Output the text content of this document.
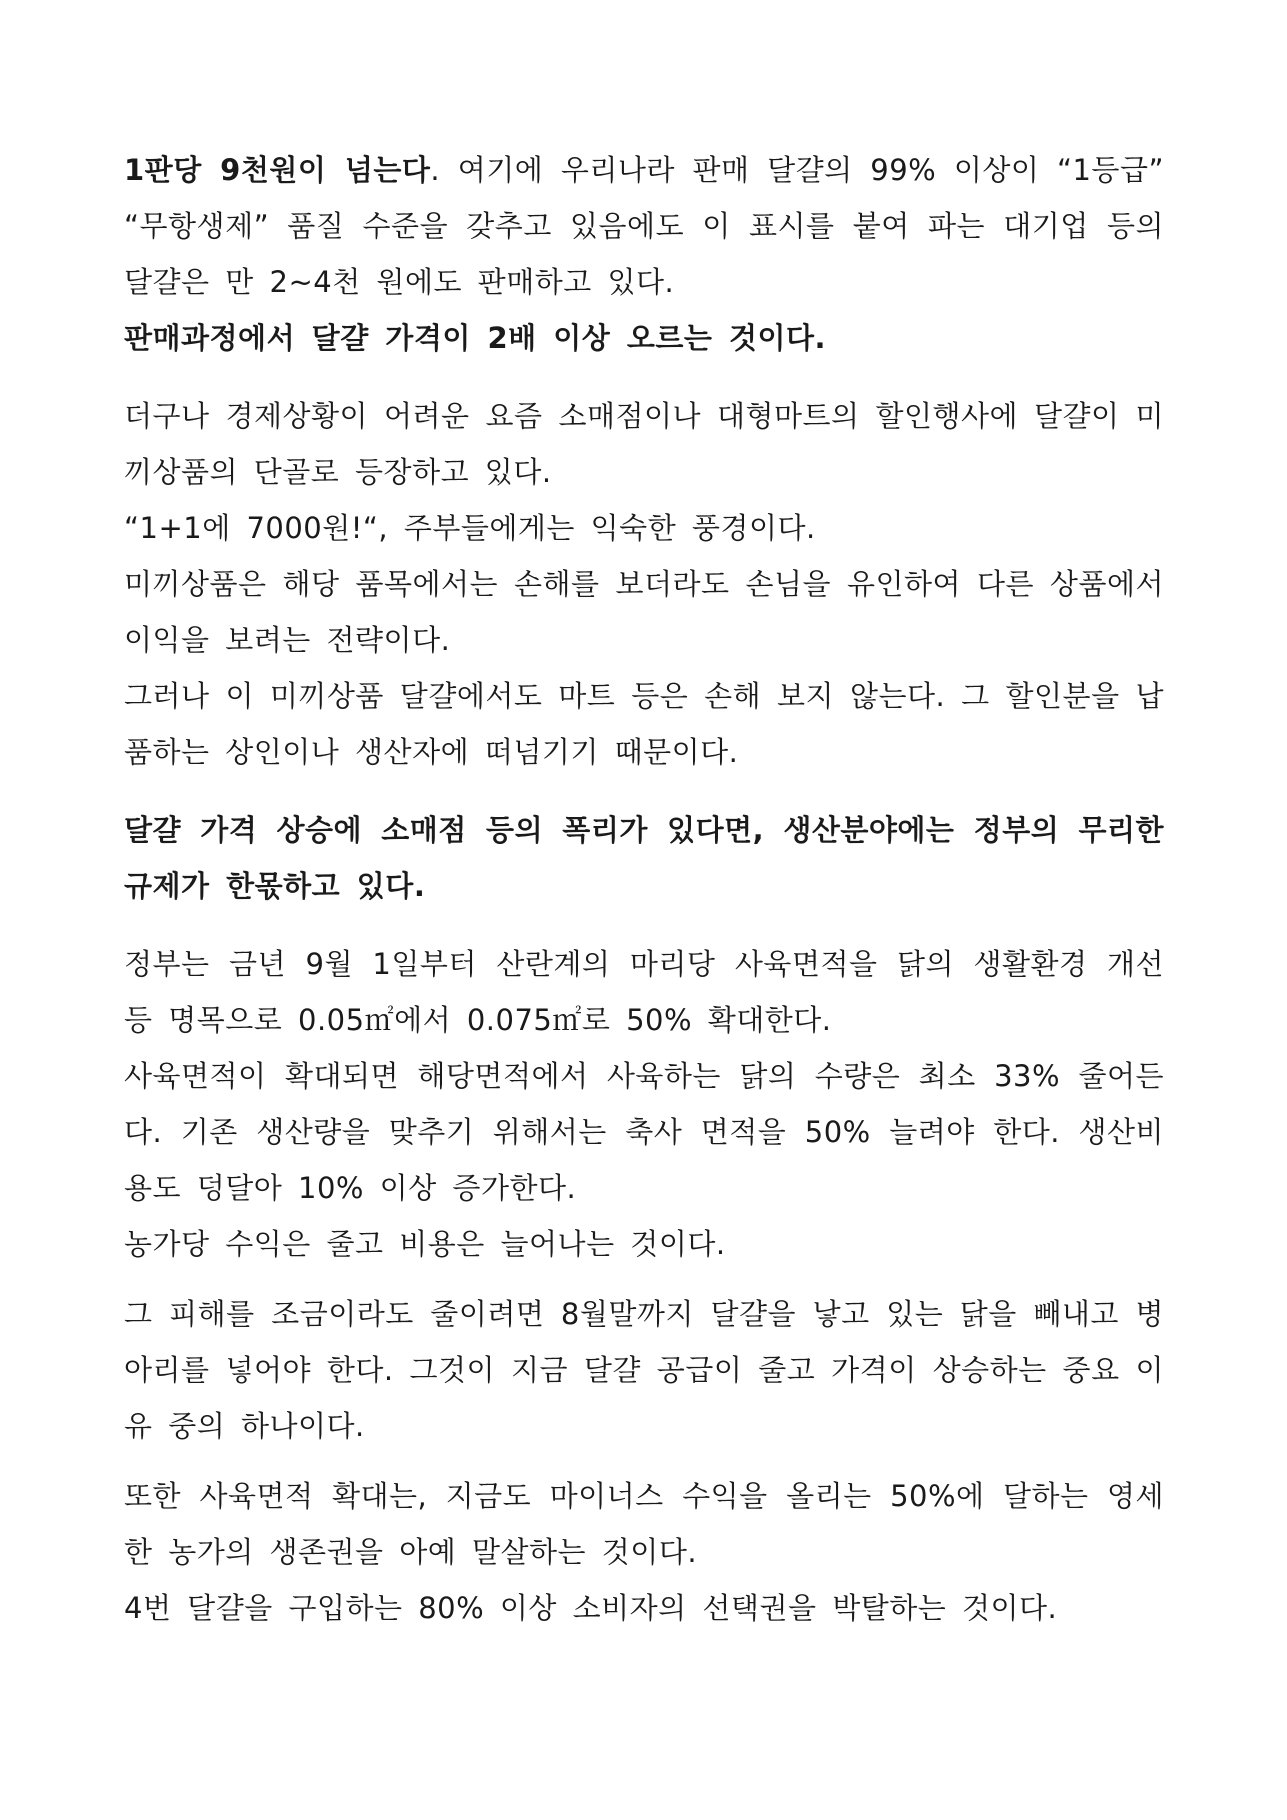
1판당 9천원이 넘는다. 여기에 우리나라 판매 달걀의 99% 이상이 “1등급” “무항생제” 품질 수준을 갖추고 있음에도 이 표시를 붙여 파는 대기업 등의 달걀은 만 2~4천 원에도 판매하고 있다.

판매과정에서 달걀 가격이 2배 이상 오르는 것이다.

더구나 경제상황이 어려운 요즘 소매점이나 대형마트의 할인행사에 달걀이 미끼상품의 단골로 등장하고 있다.

“1+1에 7000원!“, 주부들에게는 익숙한 풍경이다.

미끼상품은 해당 품목에서는 손해를 보더라도 손님을 유인하여 다른 상품에서 이익을 보려는 전략이다.

그러나 이 미끼상품 달걀에서도 마트 등은 손해 보지 않는다. 그 할인분을 납품하는 상인이나 생산자에 떠넘기기 때문이다.

달걀 가격 상승에 소매점 등의 폭리가 있다면, 생산분야에는 정부의 무리한 규제가 한몫하고 있다.

정부는 금년 9월 1일부터 산란계의 마리당 사육면적을 닭의 생활환경 개선 등 명목으로 0.05㎡에서 0.075㎡로 50% 확대한다.

사육면적이 확대되면 해당면적에서 사육하는 닭의 수량은 최소 33% 줄어든다. 기존 생산량을 맞추기 위해서는 축사 면적을 50% 늘려야 한다. 생산비용도 덩달아 10% 이상 증가한다.

농가당 수익은 줄고 비용은 늘어나는 것이다.

그 피해를 조금이라도 줄이려면 8월말까지 달걀을 낳고 있는 닭을 빼내고 병아리를 넣어야 한다. 그것이 지금 달걀 공급이 줄고 가격이 상승하는 중요 이유 중의 하나이다.

또한 사육면적 확대는, 지금도 마이너스 수익을 올리는 50%에 달하는 영세한 농가의 생존권을 아예 말살하는 것이다.

4번 달걀을 구입하는 80% 이상 소비자의 선택권을 박탈하는 것이다.
